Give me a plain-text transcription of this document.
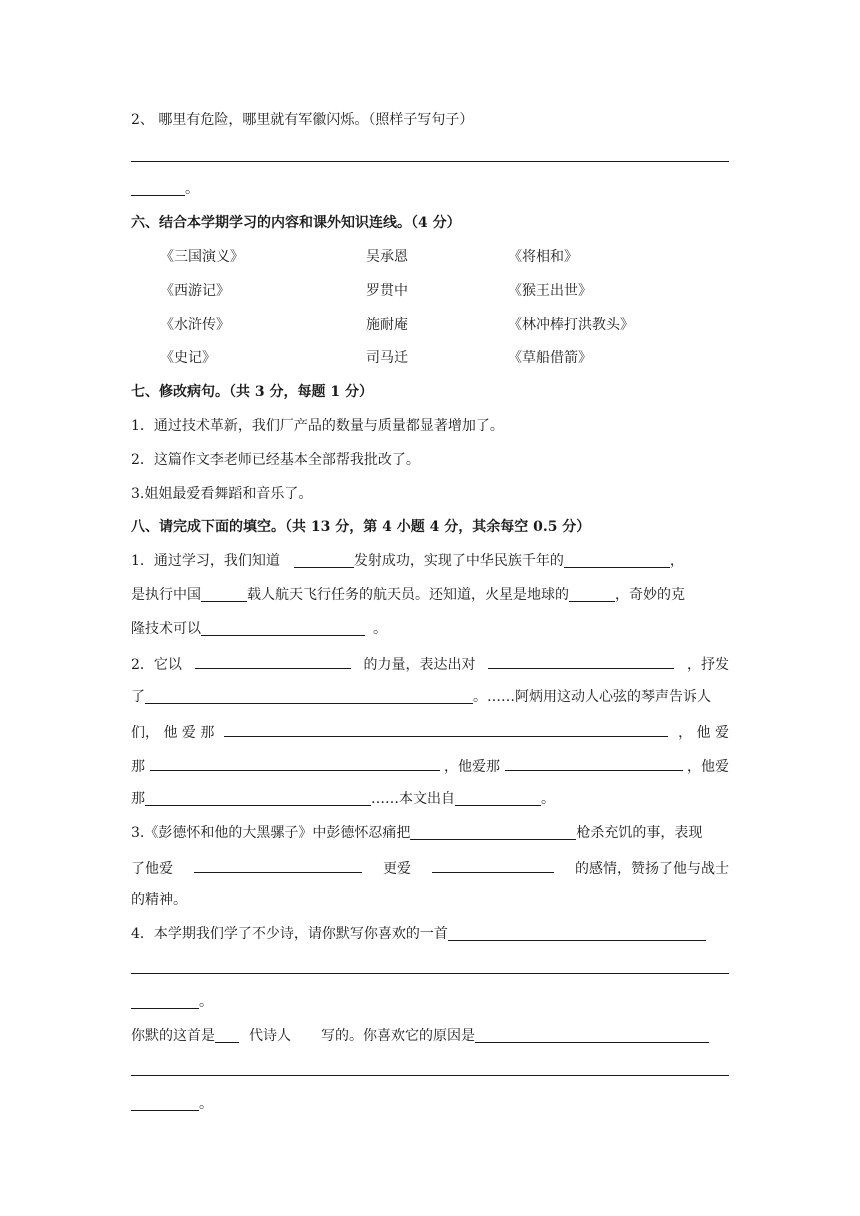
2、 哪里有危险，哪里就有军徽闪烁。（照样子写句子）
。
六、结合本学期学习的内容和课外知识连线。（4 分）
《三国演义》	吴承恩	《将相和》
《西游记》	罗贯中	《猴王出世》
《水浒传》	施耐庵	《林冲棒打洪教头》
《史记》	司马迁	《草船借箭》
七、修改病句。（共 3 分，每题 1 分）
1．通过技术革新，我们厂产品的数量与质量都显著增加了。
2．这篇作文李老师已经基本全部帮我批改了。
3.姐姐最爱看舞蹈和音乐了。
八、请完成下面的填空。（共 13 分，第 4 小题 4 分，其余每空 0.5 分）
1．通过学习，我们知道	发射成功，实现了中华民族千年的	，
是执行中国	载人航天飞行任务的航天员。还知道，火星是地球的	，奇妙的克
隆技术可以	。
2．它以	的力量，表达出对	，抒发
了	。……阿炳用这动人心弦的琴声告诉人
们， 他 爱 那	， 他 爱
那	，他爱那	，他爱
那	……本文出自	。
3.《彭德怀和他的大黑骡子》中彭德怀忍痛把	枪杀充饥的事，表现
了他爱	更爱	的感情，赞扬了他与战士
的精神。
4．本学期我们学了不少诗，请你默写你喜欢的一首
。
你默的这首是 代诗人 写的。你喜欢它的原因是
。
